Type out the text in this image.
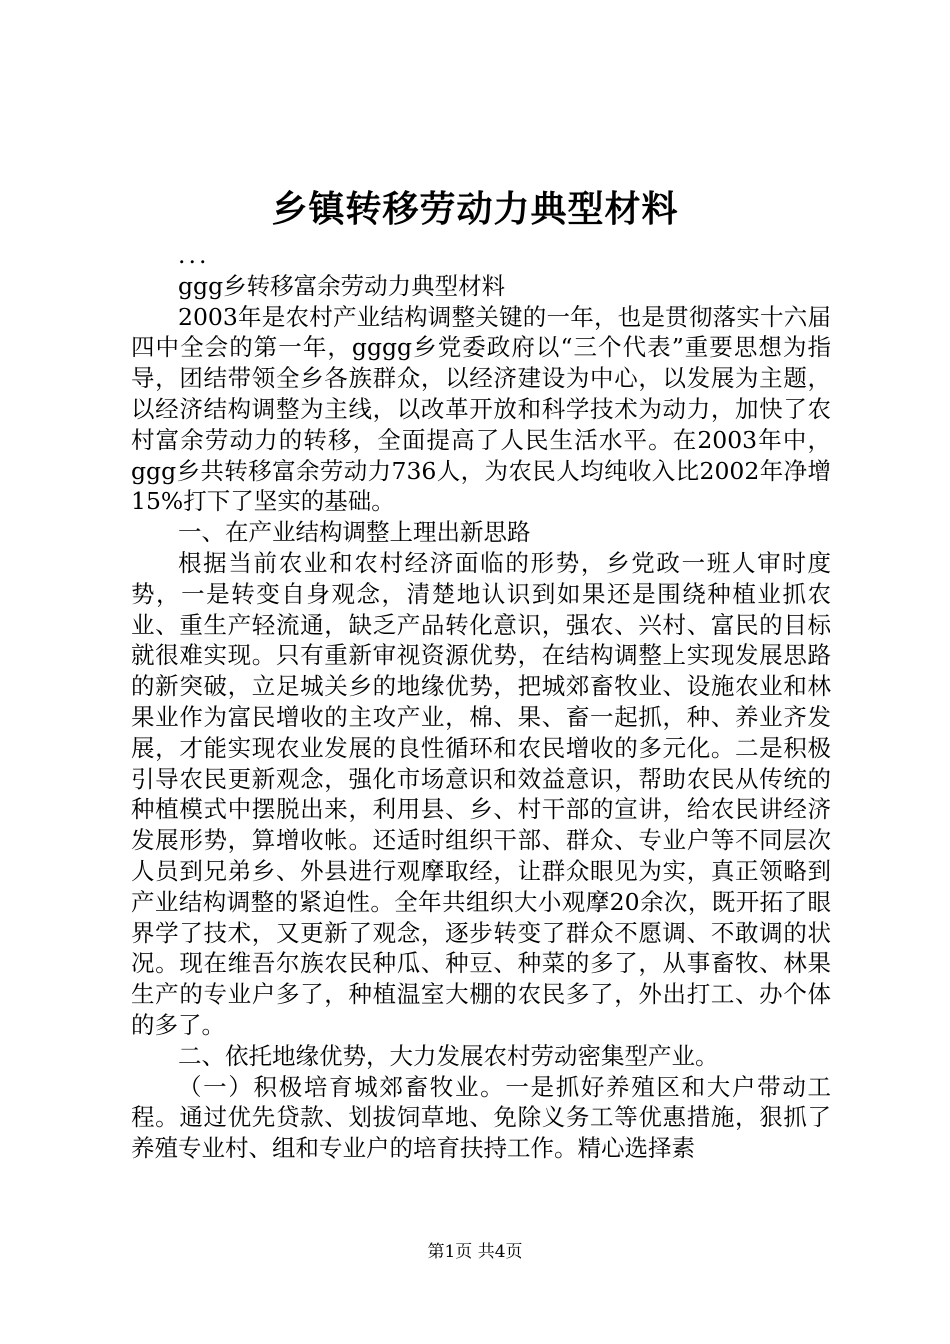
乡镇转移劳动力典型材料

...

ggg乡转移富余劳动力典型材料

2003年是农村产业结构调整关键的一年，也是贯彻落实十六届四中全会的第一年，gggg乡党委政府以“三个代表”重要思想为指导，团结带领全乡各族群众，以经济建设为中心，以发展为主题，以经济结构调整为主线，以改革开放和科学技术为动力，加快了农村富余劳动力的转移，全面提高了人民生活水平。在2003年中，ggg乡共转移富余劳动力736人，为农民人均纯收入比2002年净增15%打下了坚实的基础。

一、在产业结构调整上理出新思路

根据当前农业和农村经济面临的形势，乡党政一班人审时度势，一是转变自身观念，清楚地认识到如果还是围绕种植业抓农业、重生产轻流通，缺乏产品转化意识，强农、兴村、富民的目标就很难实现。只有重新审视资源优势，在结构调整上实现发展思路的新突破，立足城关乡的地缘优势，把城郊畜牧业、设施农业和林果业作为富民增收的主攻产业，棉、果、畜一起抓，种、养业齐发展，才能实现农业发展的良性循环和农民增收的多元化。二是积极引导农民更新观念，强化市场意识和效益意识，帮助农民从传统的种植模式中摆脱出来，利用县、乡、村干部的宣讲，给农民讲经济发展形势，算增收帐。还适时组织干部、群众、专业户等不同层次人员到兄弟乡、外县进行观摩取经，让群众眼见为实，真正领略到产业结构调整的紧迫性。全年共组织大小观摩20余次，既开拓了眼界学了技术，又更新了观念，逐步转变了群众不愿调、不敢调的状况。现在维吾尔族农民种瓜、种豆、种菜的多了，从事畜牧、林果生产的专业户多了，种植温室大棚的农民多了，外出打工、办个体的多了。

二、依托地缘优势，大力发展农村劳动密集型产业。

（一）积极培育城郊畜牧业。一是抓好养殖区和大户带动工程。通过优先贷款、划拔饲草地、免除义务工等优惠措施，狠抓了养殖专业村、组和专业户的培育扶持工作。精心选择素

第1页 共4页
